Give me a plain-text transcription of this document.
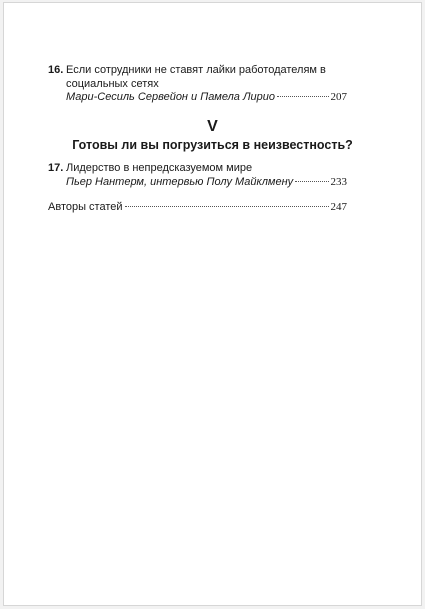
16. Если сотрудники не ставят лайки работодателям в социальных сетях
Мари-Сесиль Сервейон и Памела Лирио	207
V
Готовы ли вы погрузиться в неизвестность?
17. Лидерство в непредсказуемом мире
Пьер Нантерм, интервью Полу Майклмену	233
Авторы статей	247
